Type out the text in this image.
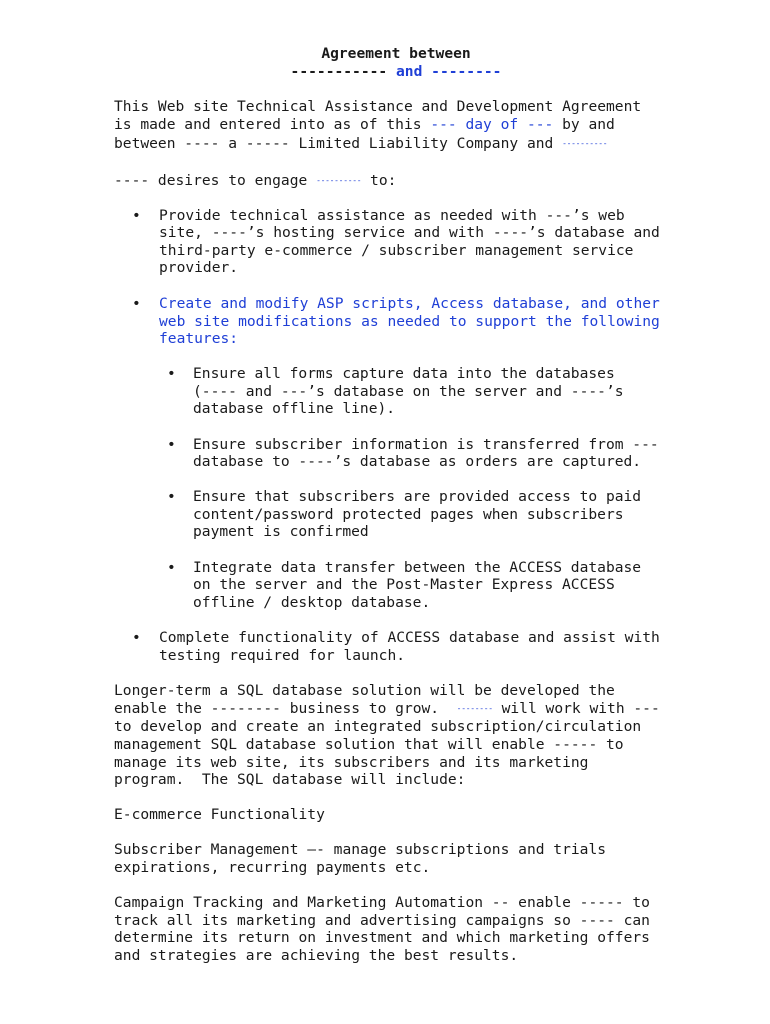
Agreement between
----------- and --------
This Web site Technical Assistance and Development Agreement
is made and entered into as of this --- day of --- by and
between ---- a ----- Limited Liability Company and ----------
---- desires to engage ---------- to:
• Provide technical assistance as needed with ---’s web
site, ----’s hosting service and with ----’s database and
third-party e-commerce / subscriber management service
provider.
• Create and modify ASP scripts, Access database, and other
web site modifications as needed to support the following
features:
• Ensure all forms capture data into the databases
(---- and ---’s database on the server and ----’s
database offline line).
• Ensure subscriber information is transferred from ---
database to ----’s database as orders are captured.
• Ensure that subscribers are provided access to paid
content/password protected pages when subscribers
payment is confirmed
• Integrate data transfer between the ACCESS database
on the server and the Post-Master Express ACCESS
offline / desktop database.
• Complete functionality of ACCESS database and assist with
testing required for launch.
Longer-term a SQL database solution will be developed the
enable the -------- business to grow.  -------- will work with ---
to develop and create an integrated subscription/circulation
management SQL database solution that will enable ----- to
manage its web site, its subscribers and its marketing
program.  The SQL database will include:
E-commerce Functionality
Subscriber Management –- manage subscriptions and trials
expirations, recurring payments etc.
Campaign Tracking and Marketing Automation -- enable ----- to
track all its marketing and advertising campaigns so ---- can
determine its return on investment and which marketing offers
and strategies are achieving the best results.
